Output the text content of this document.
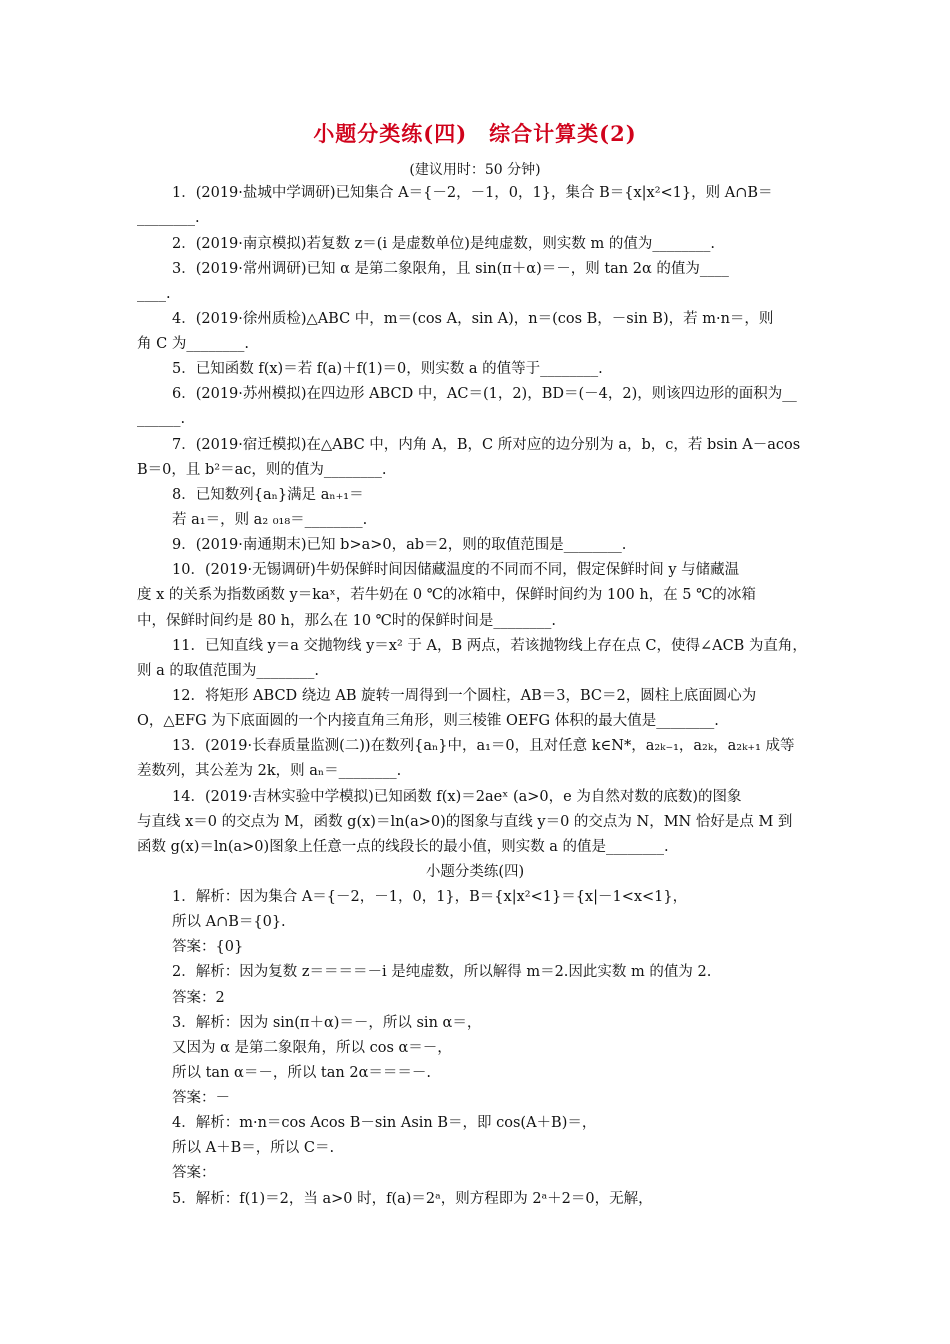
小题分类练(四)　综合计算类(2)
(建议用时：50 分钟)
1．(2019·盐城中学调研)已知集合 A＝{－2，－1，0，1}，集合 B＝{x|x²<1}，则 A∩B＝
________.
2．(2019·南京模拟)若复数 z＝(i 是虚数单位)是纯虚数，则实数 m 的值为________.
3．(2019·常州调研)已知 α 是第二象限角，且 sin(π＋α)＝－，则 tan 2α 的值为____
____.
4．(2019·徐州质检)△ABC 中，m＝(cos A，sin A)，n＝(cos B，－sin B)，若 m·n＝，则
角 C 为________.
5．已知函数 f(x)＝若 f(a)＋f(1)＝0，则实数 a 的值等于________.
6．(2019·苏州模拟)在四边形 ABCD 中，AC＝(1，2)，BD＝(－4，2)，则该四边形的面积为__
______.
7．(2019·宿迁模拟)在△ABC 中，内角 A，B，C 所对应的边分别为 a，b，c，若 bsin A－acos
B＝0，且 b²＝ac，则的值为________.
8．已知数列{aₙ}满足 aₙ₊₁＝
若 a₁＝，则 a₂ ₀₁₈＝________.
9．(2019·南通期末)已知 b>a>0，ab＝2，则的取值范围是________.
10．(2019·无锡调研)牛奶保鲜时间因储藏温度的不同而不同，假定保鲜时间 y 与储藏温
度 x 的关系为指数函数 y＝kaˣ，若牛奶在 0 ℃的冰箱中，保鲜时间约为 100 h，在 5 ℃的冰箱
中，保鲜时间约是 80 h，那么在 10 ℃时的保鲜时间是________.
11．已知直线 y＝a 交抛物线 y＝x² 于 A，B 两点，若该抛物线上存在点 C，使得∠ACB 为直角，
则 a 的取值范围为________.
12．将矩形 ABCD 绕边 AB 旋转一周得到一个圆柱，AB＝3，BC＝2，圆柱上底面圆心为
O，△EFG 为下底面圆的一个内接直角三角形，则三棱锥 OEFG 体积的最大值是________.
13．(2019·长春质量监测(二))在数列{aₙ}中，a₁＝0，且对任意 k∈N*，a₂ₖ₋₁，a₂ₖ，a₂ₖ₊₁ 成等
差数列，其公差为 2k，则 aₙ＝________.
14．(2019·吉林实验中学模拟)已知函数 f(x)＝2aeˣ (a>0，e 为自然对数的底数)的图象
与直线 x＝0 的交点为 M，函数 g(x)＝ln(a>0)的图象与直线 y＝0 的交点为 N，MN 恰好是点 M 到
函数 g(x)＝ln(a>0)图象上任意一点的线段长的最小值，则实数 a 的值是________.
小题分类练(四)
1．解析：因为集合 A＝{－2，－1，0，1}，B＝{x|x²<1}＝{x|－1<x<1}，
所以 A∩B＝{0}.
答案：{0}
2．解析：因为复数 z＝＝＝＝－i 是纯虚数，所以解得 m＝2.因此实数 m 的值为 2.
答案：2
3．解析：因为 sin(π＋α)＝－，所以 sin α＝，
又因为 α 是第二象限角，所以 cos α＝－，
所以 tan α＝－，所以 tan 2α＝＝＝－.
答案：－
4．解析：m·n＝cos Acos B－sin Asin B＝，即 cos(A＋B)＝，
所以 A＋B＝，所以 C＝.
答案：
5．解析：f(1)＝2，当 a>0 时，f(a)＝2ᵃ，则方程即为 2ᵃ＋2＝0，无解，
